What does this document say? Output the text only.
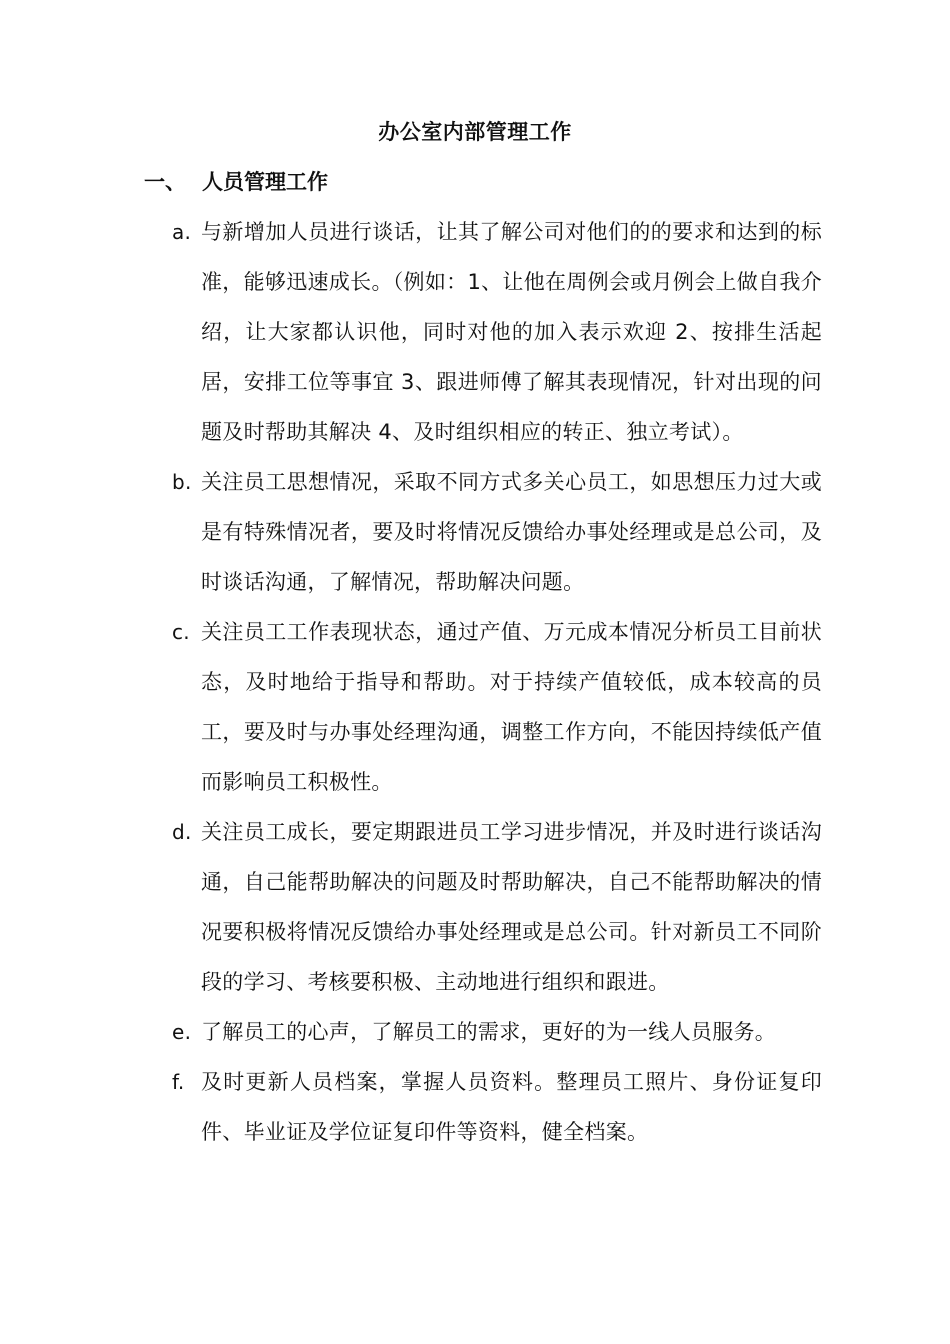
办公室内部管理工作
一、 人员管理工作
a. 与新增加人员进行谈话，让其了解公司对他们的的要求和达到的标准，能够迅速成长。（例如：1、让他在周例会或月例会上做自我介绍，让大家都认识他，同时对他的加入表示欢迎 2、按排生活起居，安排工位等事宜 3、跟进师傅了解其表现情况，针对出现的问题及时帮助其解决 4、及时组织相应的转正、独立考试）。
b. 关注员工思想情况，采取不同方式多关心员工，如思想压力过大或是有特殊情况者，要及时将情况反馈给办事处经理或是总公司，及时谈话沟通，了解情况，帮助解决问题。
c. 关注员工工作表现状态，通过产值、万元成本情况分析员工目前状态，及时地给于指导和帮助。对于持续产值较低，成本较高的员工，要及时与办事处经理沟通，调整工作方向，不能因持续低产值而影响员工积极性。
d. 关注员工成长，要定期跟进员工学习进步情况，并及时进行谈话沟通，自己能帮助解决的问题及时帮助解决，自己不能帮助解决的情况要积极将情况反馈给办事处经理或是总公司。针对新员工不同阶段的学习、考核要积极、主动地进行组织和跟进。
e. 了解员工的心声，了解员工的需求，更好的为一线人员服务。
f. 及时更新人员档案，掌握人员资料。整理员工照片、身份证复印件、毕业证及学位证复印件等资料，健全档案。
